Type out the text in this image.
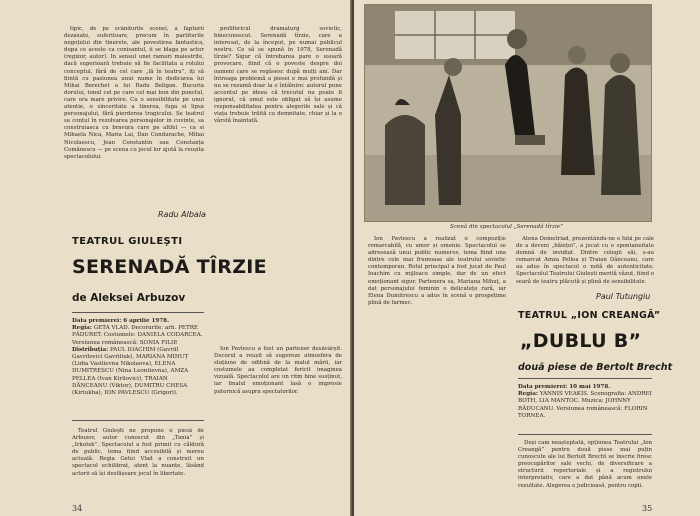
tipic, de pe scândurile scenei, a fapturii dezaxate, suferitoare, precum în partiturile negoțului din tinerete, ale povestirea fantastica, dupa ce aceste ca conisantul, ii se blaga pe actor (regizor, autor). In sensul unei ramuri maiestrite, dacă superioară trebuie să fie facilitata a rolului conceptul, fără de cel care „lă în teatru”, iți să fiintă cu pasiunea unui nume în dedicarea lui Mihai Berechet a lui Radu Beligan. Bucuria dorului, tonul cel pe care cel mai bun din punctul, care ora mare privire. Cu o sensibilitate pe unui atentie, o sinceritate a tinerea, fuga si lipsa personajului, fără pierderea tragicului. Se teatrul sa contul în rezolvarea personajelor in cuvinte, sa construiasca cu bravura care pe altfel — ca si Mihaela Nica, Maria Lai, Dan Condurache, Mihai Nicolaescu, Jean Constantin sau Constanța Comănescu — pe scena cu jocul lor ajută la reușita spectacolului.

prolifericul dramaturg sovietic, binecunoscut. Serenadă tîrzie, care a interesat, de la început, pe numai publicul nostru. Ce să se spună în 1978, Serenadă tîrzie? Sigur că întrebarea pare o usoară provocare, fiind că o poveste despre doi oameni care se regăsesc după mulți ani. Dar întreaga problemă a piesei e mai profundă și nu se rezumă doar la o întâlnire: autorul pune accentul pe ideea că trecutul nu poate fi ignorat, că omul este obligat să își asume responsabilitatea pentru alegerile sale și că viața trebuie trăită cu demnitate, chiar și la o vârstă înaintată.

Radu Albala
TEATRUL GIULEȘTI
SERENADĂ TÎRZIE
de Aleksei Arbuzov
Data premierei: 6 aprilie 1978.
Regia: GETA VLAD. Decorurile: arh. PETRE PĂDURET. Costumele: DANIELA CODARCEA. Versiunea românească: SONIA FILIP.
Distribuția: PAUL IOACHIM (Gavriil Gavrilovici Gavriliuk), MARIANA MIHUȚ (Lidia Vasilievna Nikolaeva), ELENA DUMITRESCU (Nina Leontievna), AMZA PELLEA (Ivan Kirilovici), TRAIAN DĂNCEANU (Viktor), DUMITRU CHESA (Kiriukha), ION PAVLESCU (Grigori).

Teatrul Giulești ne propune o piesă de Arbuzov, autor cunoscut din „Tania” și „Irkutsk”. Spectacolul a fost primit cu căldură de public, tema fiind accesibilă și mereu actuală. Regia Getei Vlad a construit un spectacol echilibrat, atent la nuanțe, lăsând actorii să își desfășoare jocul în libertate.

Ion Pavlescu a fost un partener desăvârșit. Decorul a reușit să sugereze atmosfera de stațiune de odihnă de la malul mării, iar costumele au completat fericit imaginea vizuală. Spectacolul are un ritm bine susținut, iar finalul emoționant lasă o impresie puternică asupra spectatorilor.

34
Scenă din spectacolul „Serenadă tîrzie”

Ion Pavlescu a realizat o compoziție remarcabilă, cu umor și omenie. Spectacolul se adresează unui public numeros, tema fiind una dintre cele mai frumoase ale teatrului sovietic contemporan. Rolul principal a fost jucat de Paul Ioachim cu mijloace simple, dar de un efect emoționant sigur. Partenera sa, Mariana Mihuț, a dat personajului feminin o delicatețe rară, iar Elena Dumitrescu a adus în scenă o prospețime plină de farmec.

Atena Demetriad, prezentându-ne o fată pe cale de a deveni „băiețoi”, a jucat cu o spontaneitate demnă de invidiat. Dintre colegii săi, s-au remarcat Amza Pellea și Traian Dănceanu, care au adus în spectacol o notă de autenticitate. Spectacolul Teatrului Giulești merită văzut, fiind o seară de teatru plăcută și plină de sensibilitate.

Paul Tutungiu
TEATRUL „ION CREANGĂ”
„DUBLU B”
două piese de Bertolt Brecht
Data premierei: 10 mai 1978.
Regia: YANNIS VEAKIS. Scenografia: ANDREI BOTH, LIA MANTOC. Muzica: JOHNNY RĂDUCANU. Versiunea românească: FLORIN TORNEA.

Deși cam neașteptată, opțiunea Teatrului „Ion Creangă” pentru două piese mai puțin cunoscute ale lui Bertolt Brecht se înscrie firesc preocupărilor sale vechi, de diversificare a structurii repertoriale și a registrului interpretativ, care a dat până acum unele rezultate. Alegerea e judicioasă, pentru copii.

35
